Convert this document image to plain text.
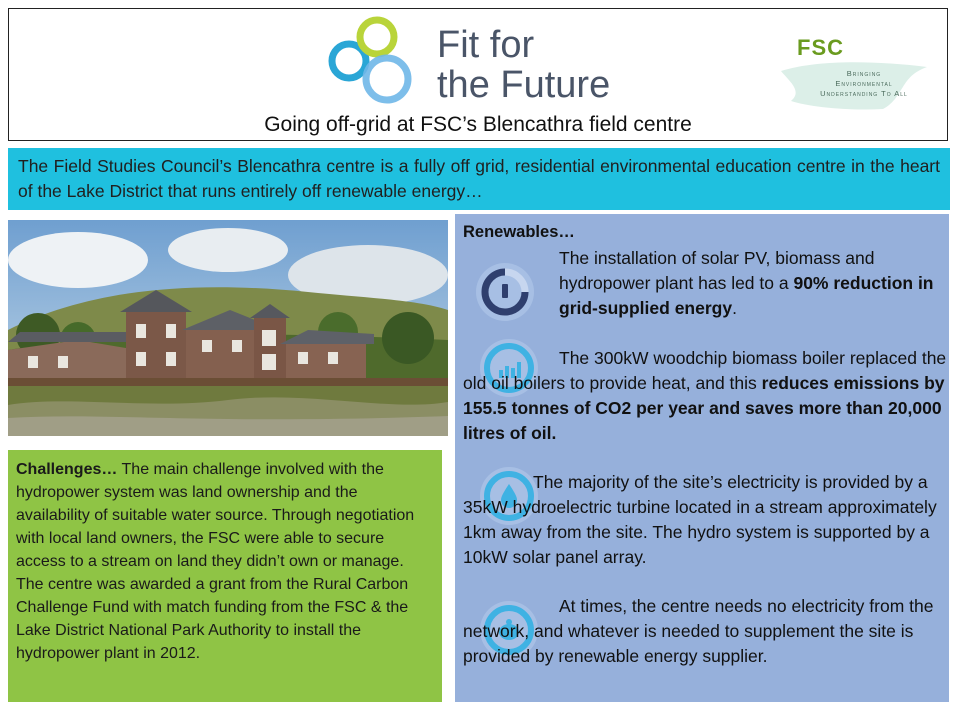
Fit for
the Future
FSC
Bringing
Environmental
Understanding To All
Going off-grid at FSC’s Blencathra field centre
The Field Studies Council’s Blencathra centre is a fully off grid, residential environmental education centre in the heart of the Lake District that runs entirely off renewable energy…
Challenges… The main challenge involved with the hydropower system was land ownership and the availability of suitable water source. Through negotiation with local land owners, the FSC were able to secure access to a stream on land they didn’t own or manage. The centre was awarded a grant from the Rural Carbon Challenge Fund with match funding from the FSC & the Lake District National Park Authority to install the hydropower plant in 2012.
Renewables…
The installation of solar PV, biomass and hydropower plant has led to a 90% reduction in grid-supplied energy.
The 300kW woodchip biomass boiler replaced the old oil boilers to provide heat, and this reduces emissions by 155.5 tonnes of CO2 per year and saves more than 20,000 litres of oil.
The majority of the site’s electricity is provided by a 35kW hydroelectric turbine located in a stream approximately 1km away from the site. The hydro system is supported by a 10kW solar panel array.
At times, the centre needs no electricity from the network, and whatever is needed to supplement the site is provided by renewable energy supplier.
